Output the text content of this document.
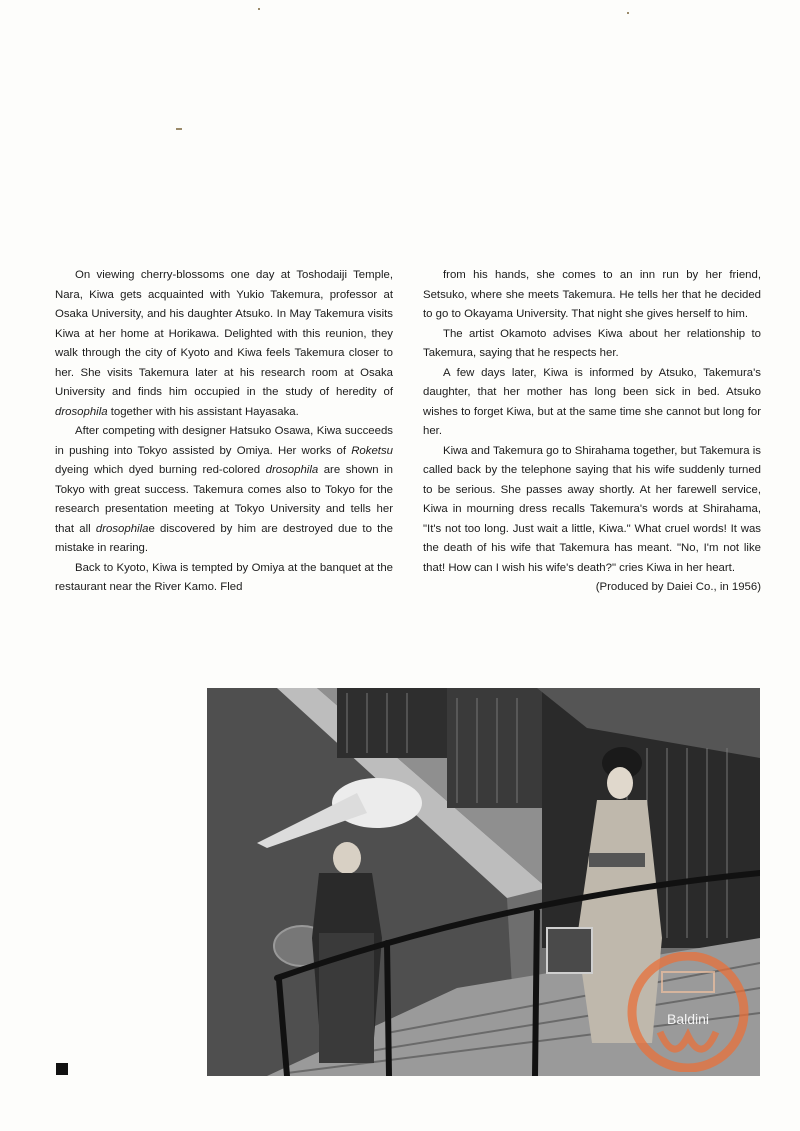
On viewing cherry-blossoms one day at Toshodaiji Temple, Nara, Kiwa gets acquainted with Yukio Takemura, professor at Osaka University, and his daughter Atsuko. In May Takemura visits Kiwa at her home at Horikawa. Delighted with this reunion, they walk through the city of Kyoto and Kiwa feels Takemura closer to her. She visits Takemura later at his research room at Osaka University and finds him occupied in the study of heredity of drosophila together with his assistant Hayasaka.

After competing with designer Hatsuko Osawa, Kiwa succeeds in pushing into Tokyo assisted by Omiya. Her works of Roketsu dyeing which dyed burning red-colored drosophila are shown in Tokyo with great success. Takemura comes also to Tokyo for the research presentation meeting at Tokyo University and tells her that all drosophilae discovered by him are destroyed due to the mistake in rearing.

Back to Kyoto, Kiwa is tempted by Omiya at the banquet at the restaurant near the River Kamo. Fled

from his hands, she comes to an inn run by her friend, Setsuko, where she meets Takemura. He tells her that he decided to go to Okayama University. That night she gives herself to him.

The artist Okamoto advises Kiwa about her relationship to Takemura, saying that he respects her.

A few days later, Kiwa is informed by Atsuko, Takemura's daughter, that her mother has long been sick in bed. Atsuko wishes to forget Kiwa, but at the same time she cannot but long for her.

Kiwa and Takemura go to Shirahama together, but Takemura is called back by the telephone saying that his wife suddenly turned to be serious. She passes away shortly. At her farewell service, Kiwa in mourning dress recalls Takemura's words at Shirahama, "It's not too long. Just wait a little, Kiwa." What cruel words! It was the death of his wife that Takemura has meant. "No, I'm not like that! How can I wish his wife's death?" cries Kiwa in her heart.

(Produced by Daiei Co., in 1956)

Baldini
